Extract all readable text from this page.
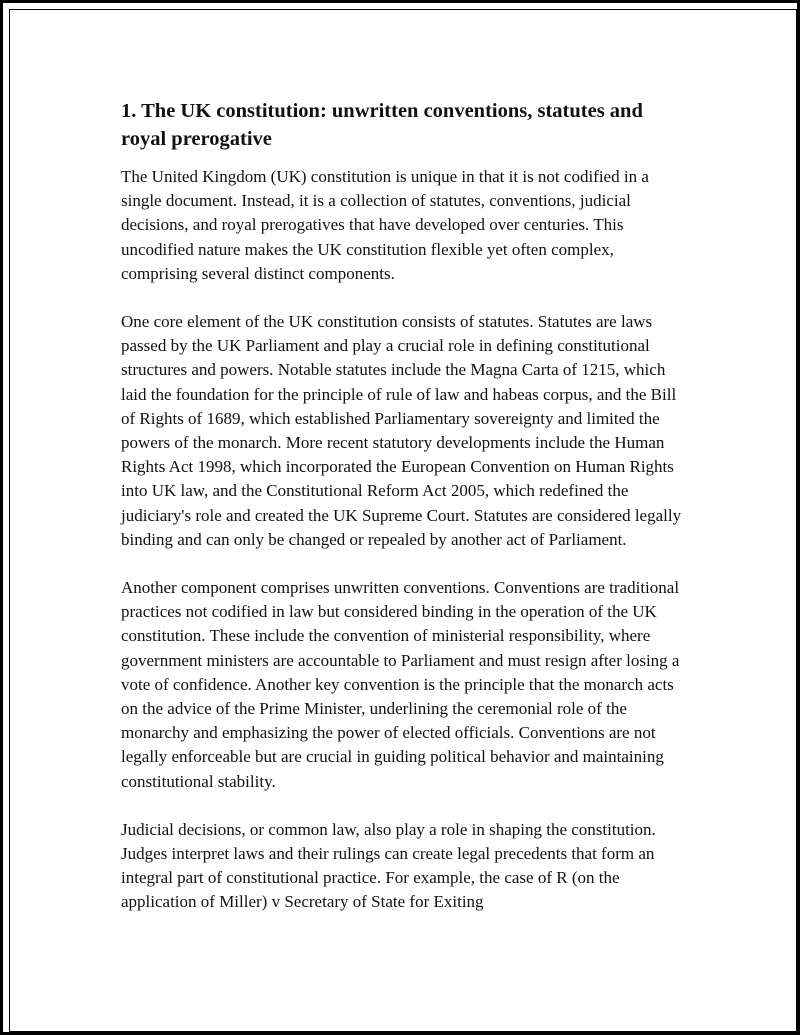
1. The UK constitution: unwritten conventions, statutes and royal prerogative

The United Kingdom (UK) constitution is unique in that it is not codified in a single document. Instead, it is a collection of statutes, conventions, judicial decisions, and royal prerogatives that have developed over centuries. This uncodified nature makes the UK constitution flexible yet often complex, comprising several distinct components.

One core element of the UK constitution consists of statutes. Statutes are laws passed by the UK Parliament and play a crucial role in defining constitutional structures and powers. Notable statutes include the Magna Carta of 1215, which laid the foundation for the principle of rule of law and habeas corpus, and the Bill of Rights of 1689, which established Parliamentary sovereignty and limited the powers of the monarch. More recent statutory developments include the Human Rights Act 1998, which incorporated the European Convention on Human Rights into UK law, and the Constitutional Reform Act 2005, which redefined the judiciary's role and created the UK Supreme Court. Statutes are considered legally binding and can only be changed or repealed by another act of Parliament.

Another component comprises unwritten conventions. Conventions are traditional practices not codified in law but considered binding in the operation of the UK constitution. These include the convention of ministerial responsibility, where government ministers are accountable to Parliament and must resign after losing a vote of confidence. Another key convention is the principle that the monarch acts on the advice of the Prime Minister, underlining the ceremonial role of the monarchy and emphasizing the power of elected officials. Conventions are not legally enforceable but are crucial in guiding political behavior and maintaining constitutional stability.

Judicial decisions, or common law, also play a role in shaping the constitution. Judges interpret laws and their rulings can create legal precedents that form an integral part of constitutional practice. For example, the case of R (on the application of Miller) v Secretary of State for Exiting
